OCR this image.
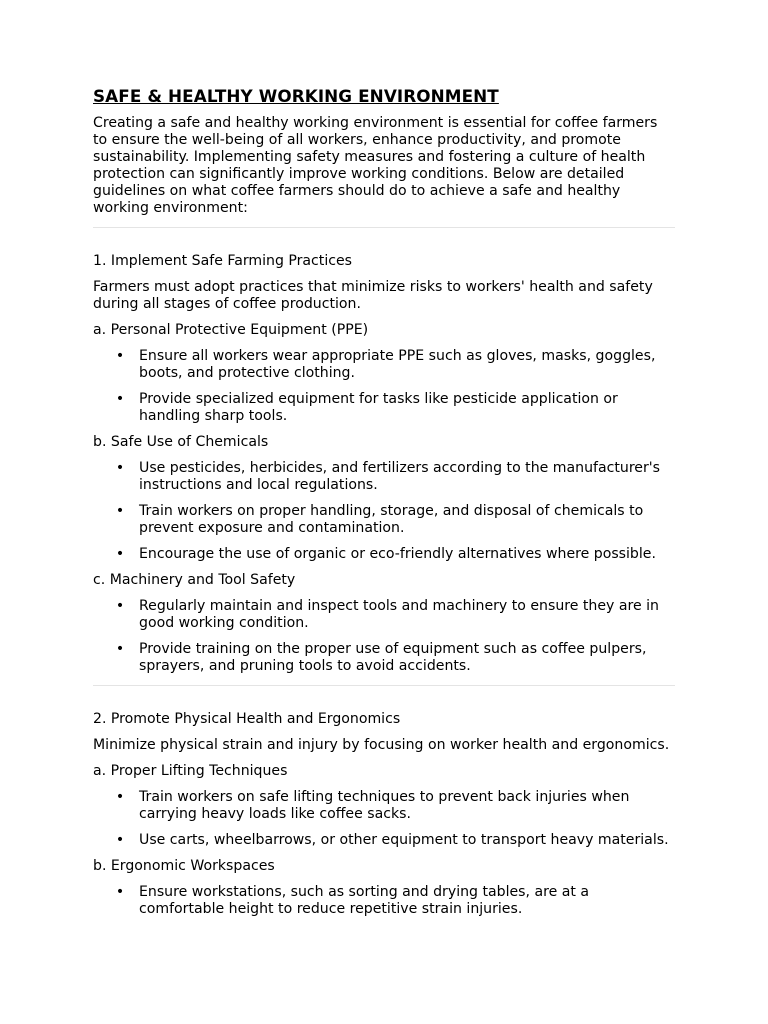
SAFE & HEALTHY WORKING ENVIRONMENT

Creating a safe and healthy working environment is essential for coffee farmers to ensure the well-being of all workers, enhance productivity, and promote sustainability. Implementing safety measures and fostering a culture of health protection can significantly improve working conditions. Below are detailed guidelines on what coffee farmers should do to achieve a safe and healthy working environment:

1. Implement Safe Farming Practices

Farmers must adopt practices that minimize risks to workers' health and safety during all stages of coffee production.

a. Personal Protective Equipment (PPE)

• Ensure all workers wear appropriate PPE such as gloves, masks, goggles, boots, and protective clothing.
• Provide specialized equipment for tasks like pesticide application or handling sharp tools.

b. Safe Use of Chemicals

• Use pesticides, herbicides, and fertilizers according to the manufacturer's instructions and local regulations.
• Train workers on proper handling, storage, and disposal of chemicals to prevent exposure and contamination.
• Encourage the use of organic or eco-friendly alternatives where possible.

c. Machinery and Tool Safety

• Regularly maintain and inspect tools and machinery to ensure they are in good working condition.
• Provide training on the proper use of equipment such as coffee pulpers, sprayers, and pruning tools to avoid accidents.

2. Promote Physical Health and Ergonomics

Minimize physical strain and injury by focusing on worker health and ergonomics.

a. Proper Lifting Techniques

• Train workers on safe lifting techniques to prevent back injuries when carrying heavy loads like coffee sacks.
• Use carts, wheelbarrows, or other equipment to transport heavy materials.

b. Ergonomic Workspaces

• Ensure workstations, such as sorting and drying tables, are at a comfortable height to reduce repetitive strain injuries.
